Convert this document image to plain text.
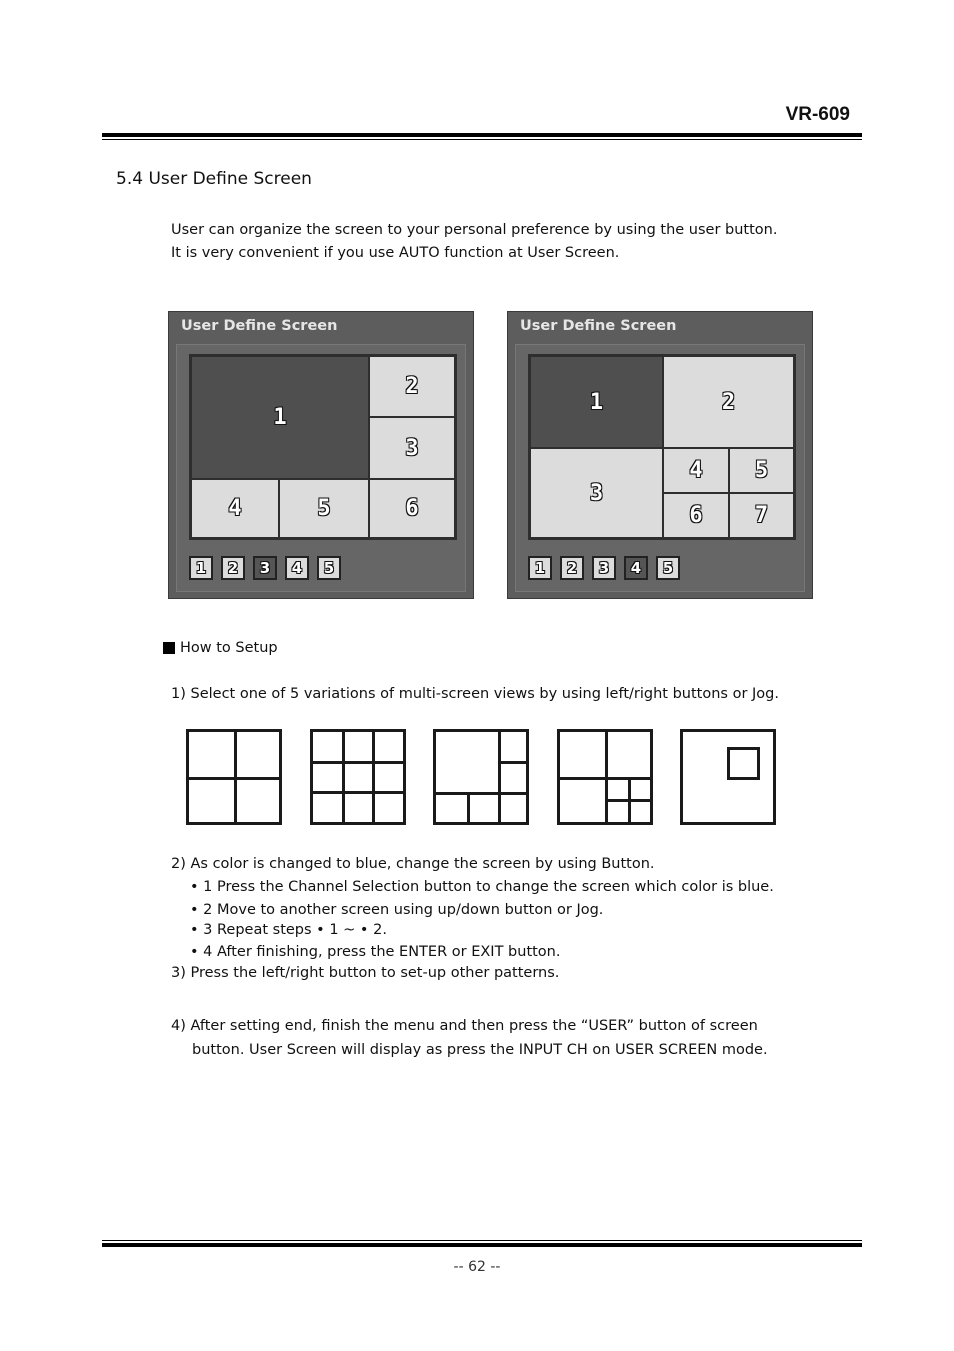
VR-609
5.4 User Define Screen
User can organize the screen to your personal preference by using the user button.
It is very convenient if you use AUTO function at User Screen.
User Define Screen
1
2
3
4	5	6
1	2	3	4	5
User Define Screen
1	2
3
4	5
6	7
1	2	3	4	5
How to Setup
1) Select one of 5 variations of multi-screen views by using left/right buttons or Jog.
2) As color is changed to blue, change the screen by using Button.
• 1 Press the Channel Selection button to change the screen which color is blue.
• 2 Move to another screen using up/down button or Jog.
• 3 Repeat steps • 1 ~ • 2.
• 4 After finishing, press the ENTER or EXIT button.
3) Press the left/right button to set-up other patterns.
4) After setting end, finish the menu and then press the “USER” button of screen
button. User Screen will display as press the INPUT CH on USER SCREEN mode.
-- 62 --
